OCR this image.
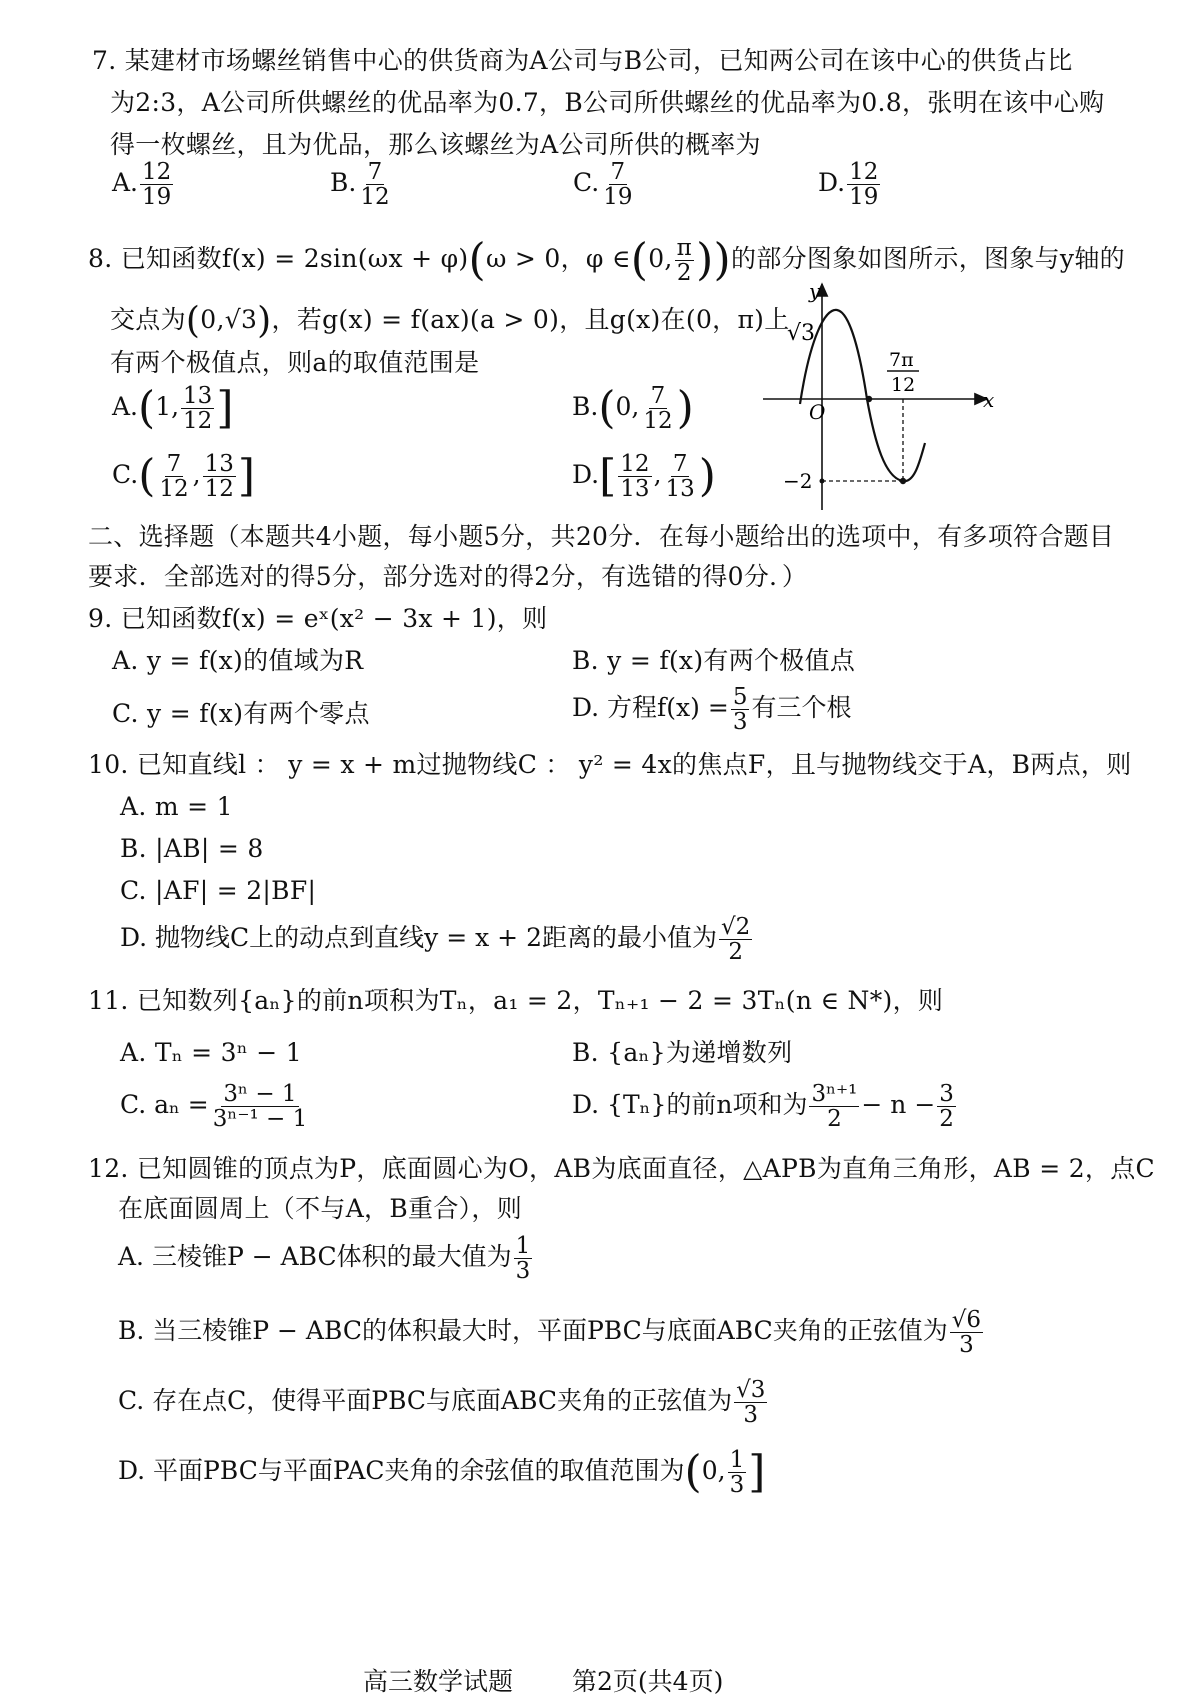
7. 某建材市场螺丝销售中心的供货商为A公司与B公司，已知两公司在该中心的供货占比
为2:3，A公司所供螺丝的优品率为0.7，B公司所供螺丝的优品率为0.8，张明在该中心购
得一枚螺丝，且为优品，那么该螺丝为A公司所供的概率为
A. $\frac{12}{19}$	B. $\frac{7}{12}$	C. $\frac{7}{19}$	D. $\frac{12}{19}$
8. 已知函数f(x) = 2sin(ωx + φ)(ω > 0，φ ∈(0, $\frac{\pi}{2}$ ))的部分图象如图所示，图象与y轴的
交点为(0,√3)，若g(x) = f(ax)(a > 0)，且g(x)在(0，π)上
有两个极值点，则a的取值范围是
A.(1, $\frac{13}{12}$ ]	B.(0, $\frac{7}{12}$ )
$C.( \frac{7}{12}$ , $\frac{13}{12}$ ]	$D.[ \frac{12}{13}$ , $\frac{7}{13}$ )
y
x
O
√3
−2
7π
12
二、选择题（本题共4小题，每小题5分，共20分．在每小题给出的选项中，有多项符合题目
要求．全部选对的得5分，部分选对的得2分，有选错的得0分．）
9. 已知函数f(x) = eˣ(x² − 3x + 1)，则
A. y = f(x)的值域为R	B. y = f(x)有两个极值点
C. y = f(x)有两个零点	D. 方程$f(x) = \frac{5}{3}$ 有三个根
10. 已知直线l ： y = x + m过抛物线C ： y² = 4x的焦点F，且与抛物线交于A，B两点，则
A. m = 1
B. |AB| = 8
C. |AF| = 2|BF|
D. 抛物线C上的动点到直线y = x + 2距离的最小值为 $\frac{√2}{2}$
11. 已知数列{aₙ}的前n项积为Tₙ，a₁ = 2，Tₙ₊₁ − 2 = 3Tₙ(n ∈ N*)，则
A. Tₙ = 3ⁿ − 1	B. {aₙ}为递增数列
C. $a_n = \frac{\text{3ⁿ − 1}}{\text{3ⁿ⁻¹ − 1}}$	D. {Tₙ}的前n项和为 $\frac{\text{3ⁿ⁺¹}}{2} - n - \frac{3}{2}$
12. 已知圆锥的顶点为P，底面圆心为O，AB为底面直径，△APB为直角三角形，AB = 2，点C
在底面圆周上（不与A，B重合），则
A. 三棱锥P − ABC体积的最大值为 $\frac{1}{3}$
B. 当三棱锥P − ABC的体积最大时，平面PBC与底面ABC夹角的正弦值为 $\frac{√6}{3}$
C. 存在点C，使得平面PBC与底面ABC夹角的正弦值为 $\frac{√3}{3}$
D. 平面PBC与平面PAC夹角的余弦值的取值范围为(0, $\frac{1}{3}$ ]
高三数学试题 第2页(共4页)
